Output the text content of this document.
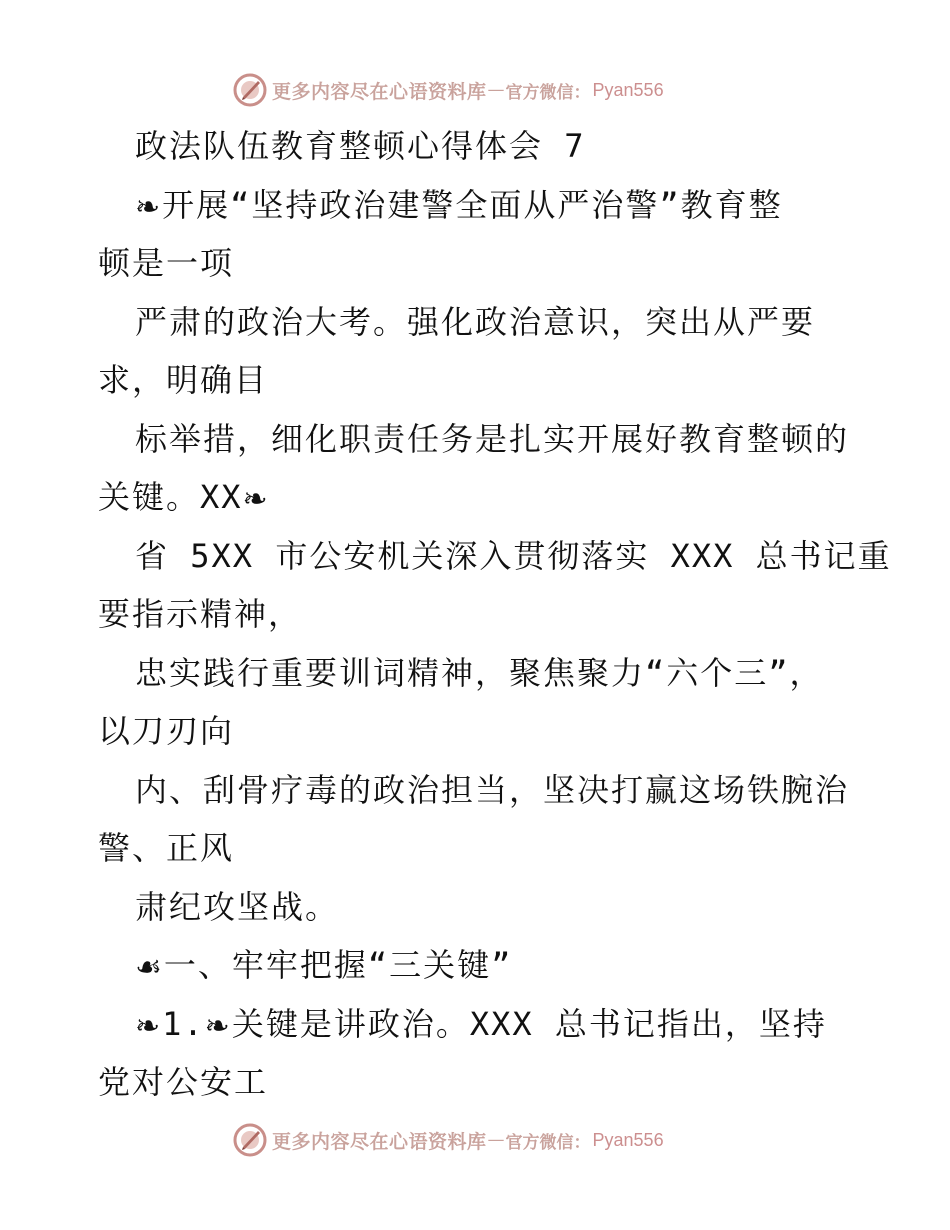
更多内容尽在心语资料库 — 官方微信： Pyan556
政法队伍教育整顿心得体会 7
❧开展“坚持政治建警全面从严治警”教育整
顿是一项
严肃的政治大考。强化政治意识，突出从严要
求，明确目
标举措，细化职责任务是扎实开展好教育整顿的
关键。XX❧
省 5XX 市公安机关深入贯彻落实 XXX 总书记重
要指示精神，
忠实践行重要训词精神，聚焦聚力“六个三”，
以刀刃向
内、刮骨疗毒的政治担当，坚决打赢这场铁腕治
警、正风
肃纪攻坚战。
☙一、牢牢把握“三关键”
❧1.❧关键是讲政治。XXX 总书记指出，坚持
党对公安工
更多内容尽在心语资料库 — 官方微信： Pyan556
